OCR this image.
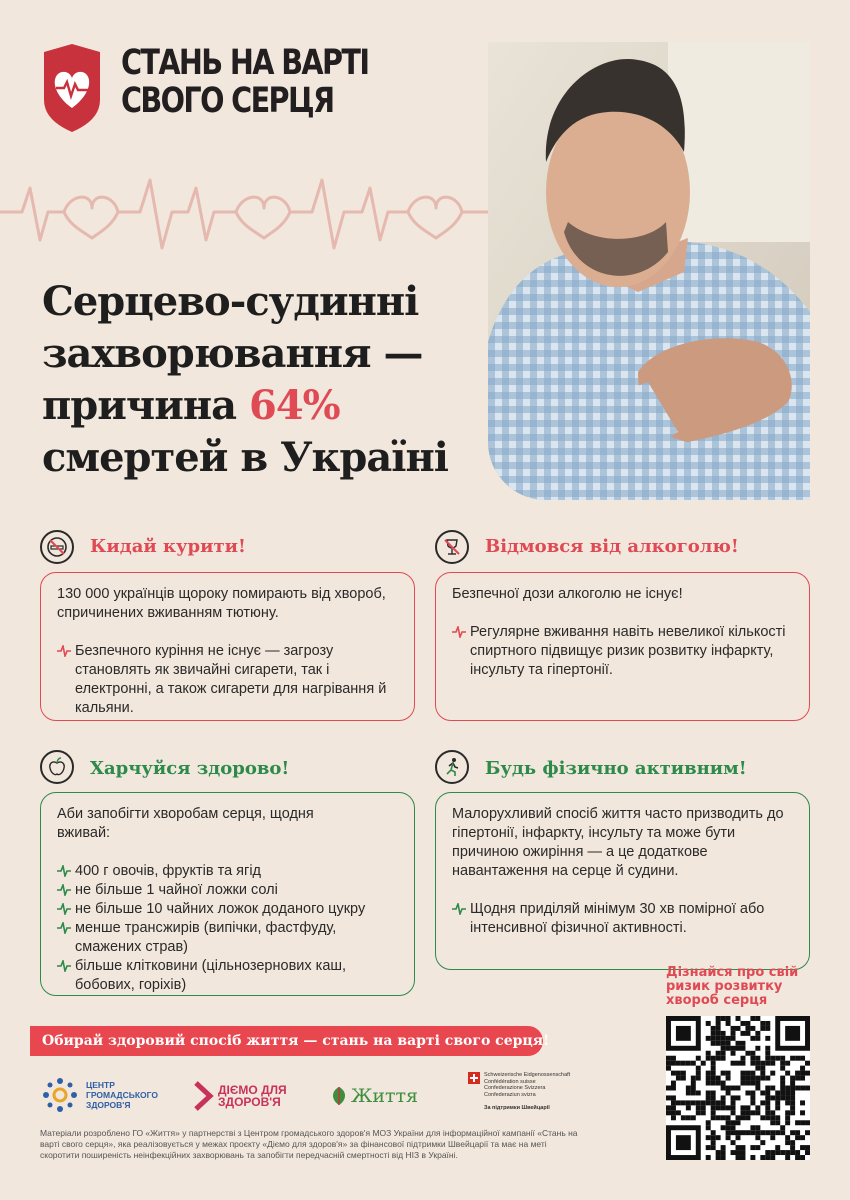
СТАНЬ НА ВАРТІ
СВОГО СЕРЦЯ
Серцево-судинні
захворювання —
причина 64%
смертей в Україні
Кидай курити!

130 000 українців щороку помирають від хвороб, спричинених вживанням тютюну.

Безпечного куріння не існує — загрозу становлять як звичайні сигарети, так і електронні, а також сигарети для нагрівання й кальяни.

Відмовся від алкоголю!

Безпечної дози алкоголю не існує!

Регулярне вживання навіть невеликої кількості спиртного підвищує ризик розвитку інфаркту, інсульту та гіпертонії.

Харчуйся здорово!

Аби запобігти хворобам серця, щодня вживай:

400 г овочів, фруктів та ягід

не більше 1 чайної ложки солі

не більше 10 чайних ложок доданого цукру

менше трансжирів (випічки, фастфуду, смажених страв)

більше клітковини (цільнозернових каш, бобових, горіхів)

Будь фізично активним!

Малорухливий спосіб життя часто призводить до гіпертонії, інфаркту, інсульту та може бути причиною ожиріння — а це додаткове навантаження на серце й судини.

Щодня приділяй мінімум 30 хв помірної або інтенсивної фізичної активності.

Обирай здоровий спосіб життя — стань на варті свого серця!
Дізнайся про свій ризик розвитку хвороб серця
ЦЕНТР
ГРОМАДСЬКОГО
ЗДОРОВ'Я
ДІЄМО ДЛЯ
ЗДОРОВ'Я	Життя
Schweizerische Eidgenossenschaft
Confédération suisse
Confederazione Svizzera
Confederaziun svizra
За підтримки Швейцарії
Матеріали розроблено ГО «Життя» у партнерстві з Центром громадського здоров'я МОЗ України для інформаційної кампанії «Стань на варті свого серця», яка реалізовується у межах проєкту «Діємо для здоров'я» за фінансової підтримки Швейцарії та має на меті скоротити поширеність неінфекційних захворювань та запобігти передчасній смертності від НІЗ в Україні.
